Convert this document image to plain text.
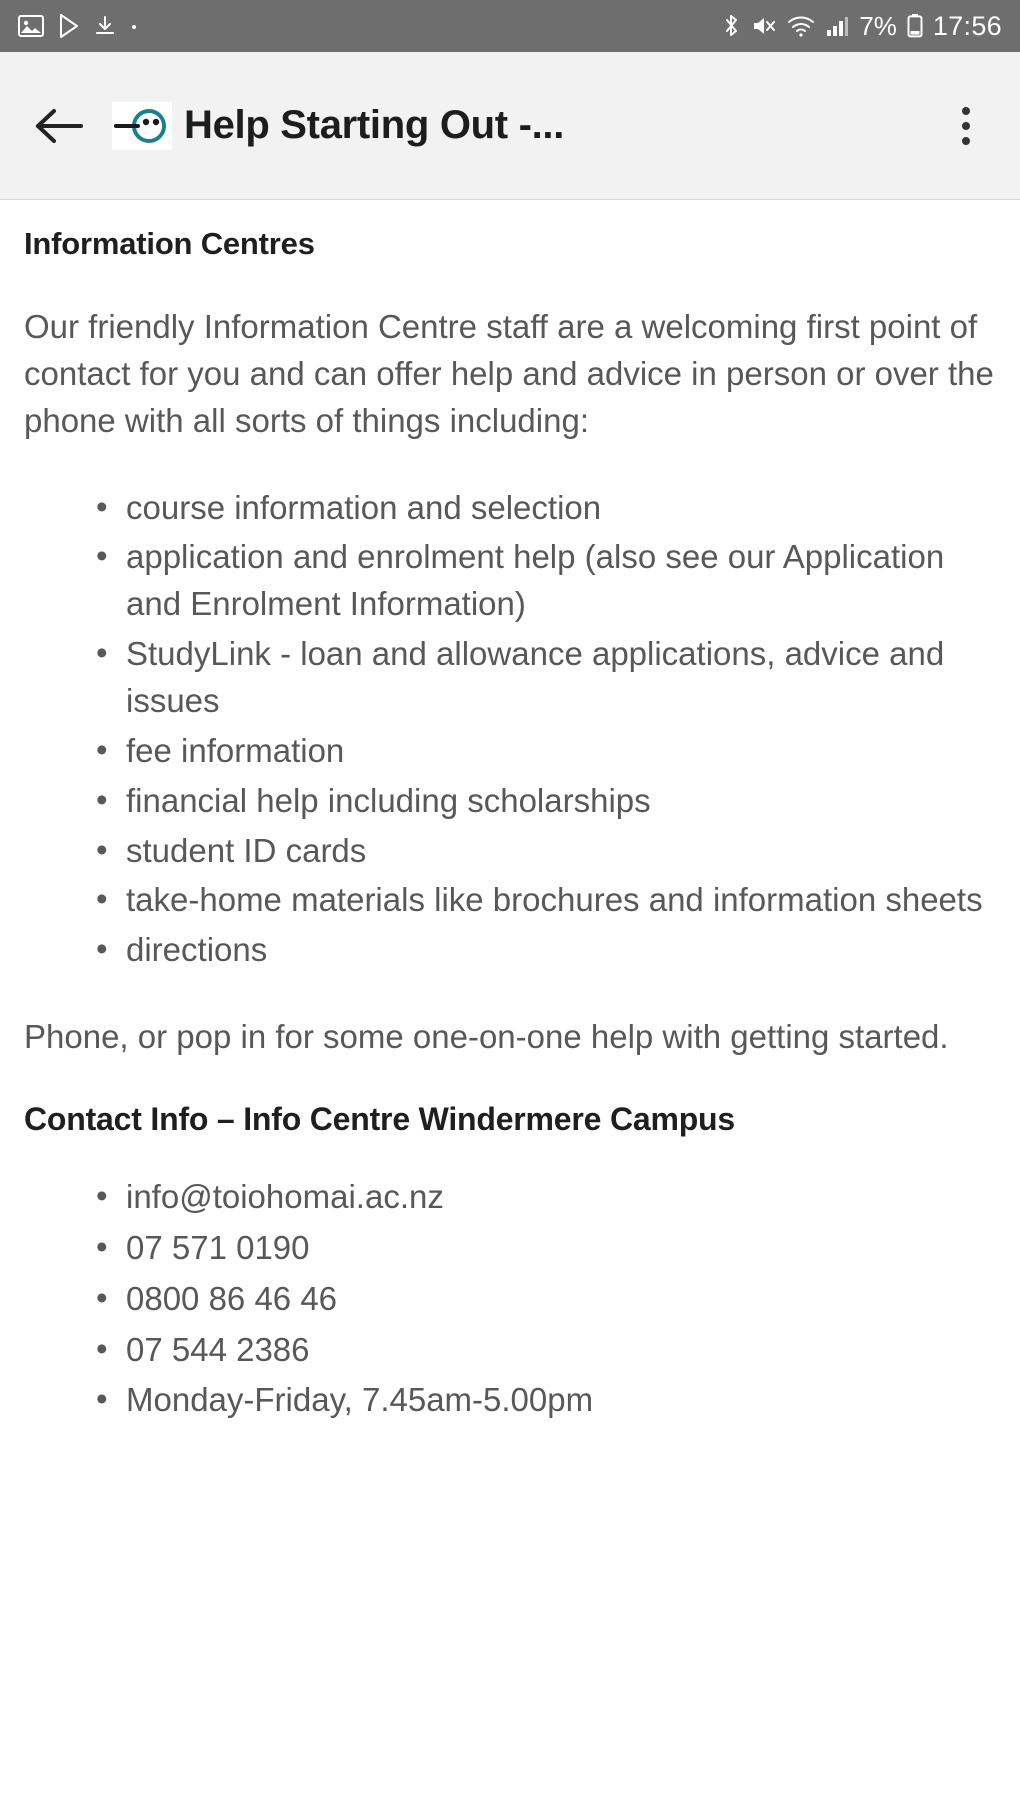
7% 17:56
Help Starting Out -...
Information Centres

Our friendly Information Centre staff are a welcoming first point of contact for you and can offer help and advice in person or over the phone with all sorts of things including:

• course information and selection
• application and enrolment help (also see our Application and Enrolment Information)
• StudyLink - loan and allowance applications, advice and issues
• fee information
• financial help including scholarships
• student ID cards
• take-home materials like brochures and information sheets
• directions

Phone, or pop in for some one-on-one help with getting started.

Contact Info – Info Centre Windermere Campus
• info@toiohomai.ac.nz
• 07 571 0190
• 0800 86 46 46
• 07 544 2386
• Monday-Friday, 7.45am-5.00pm
